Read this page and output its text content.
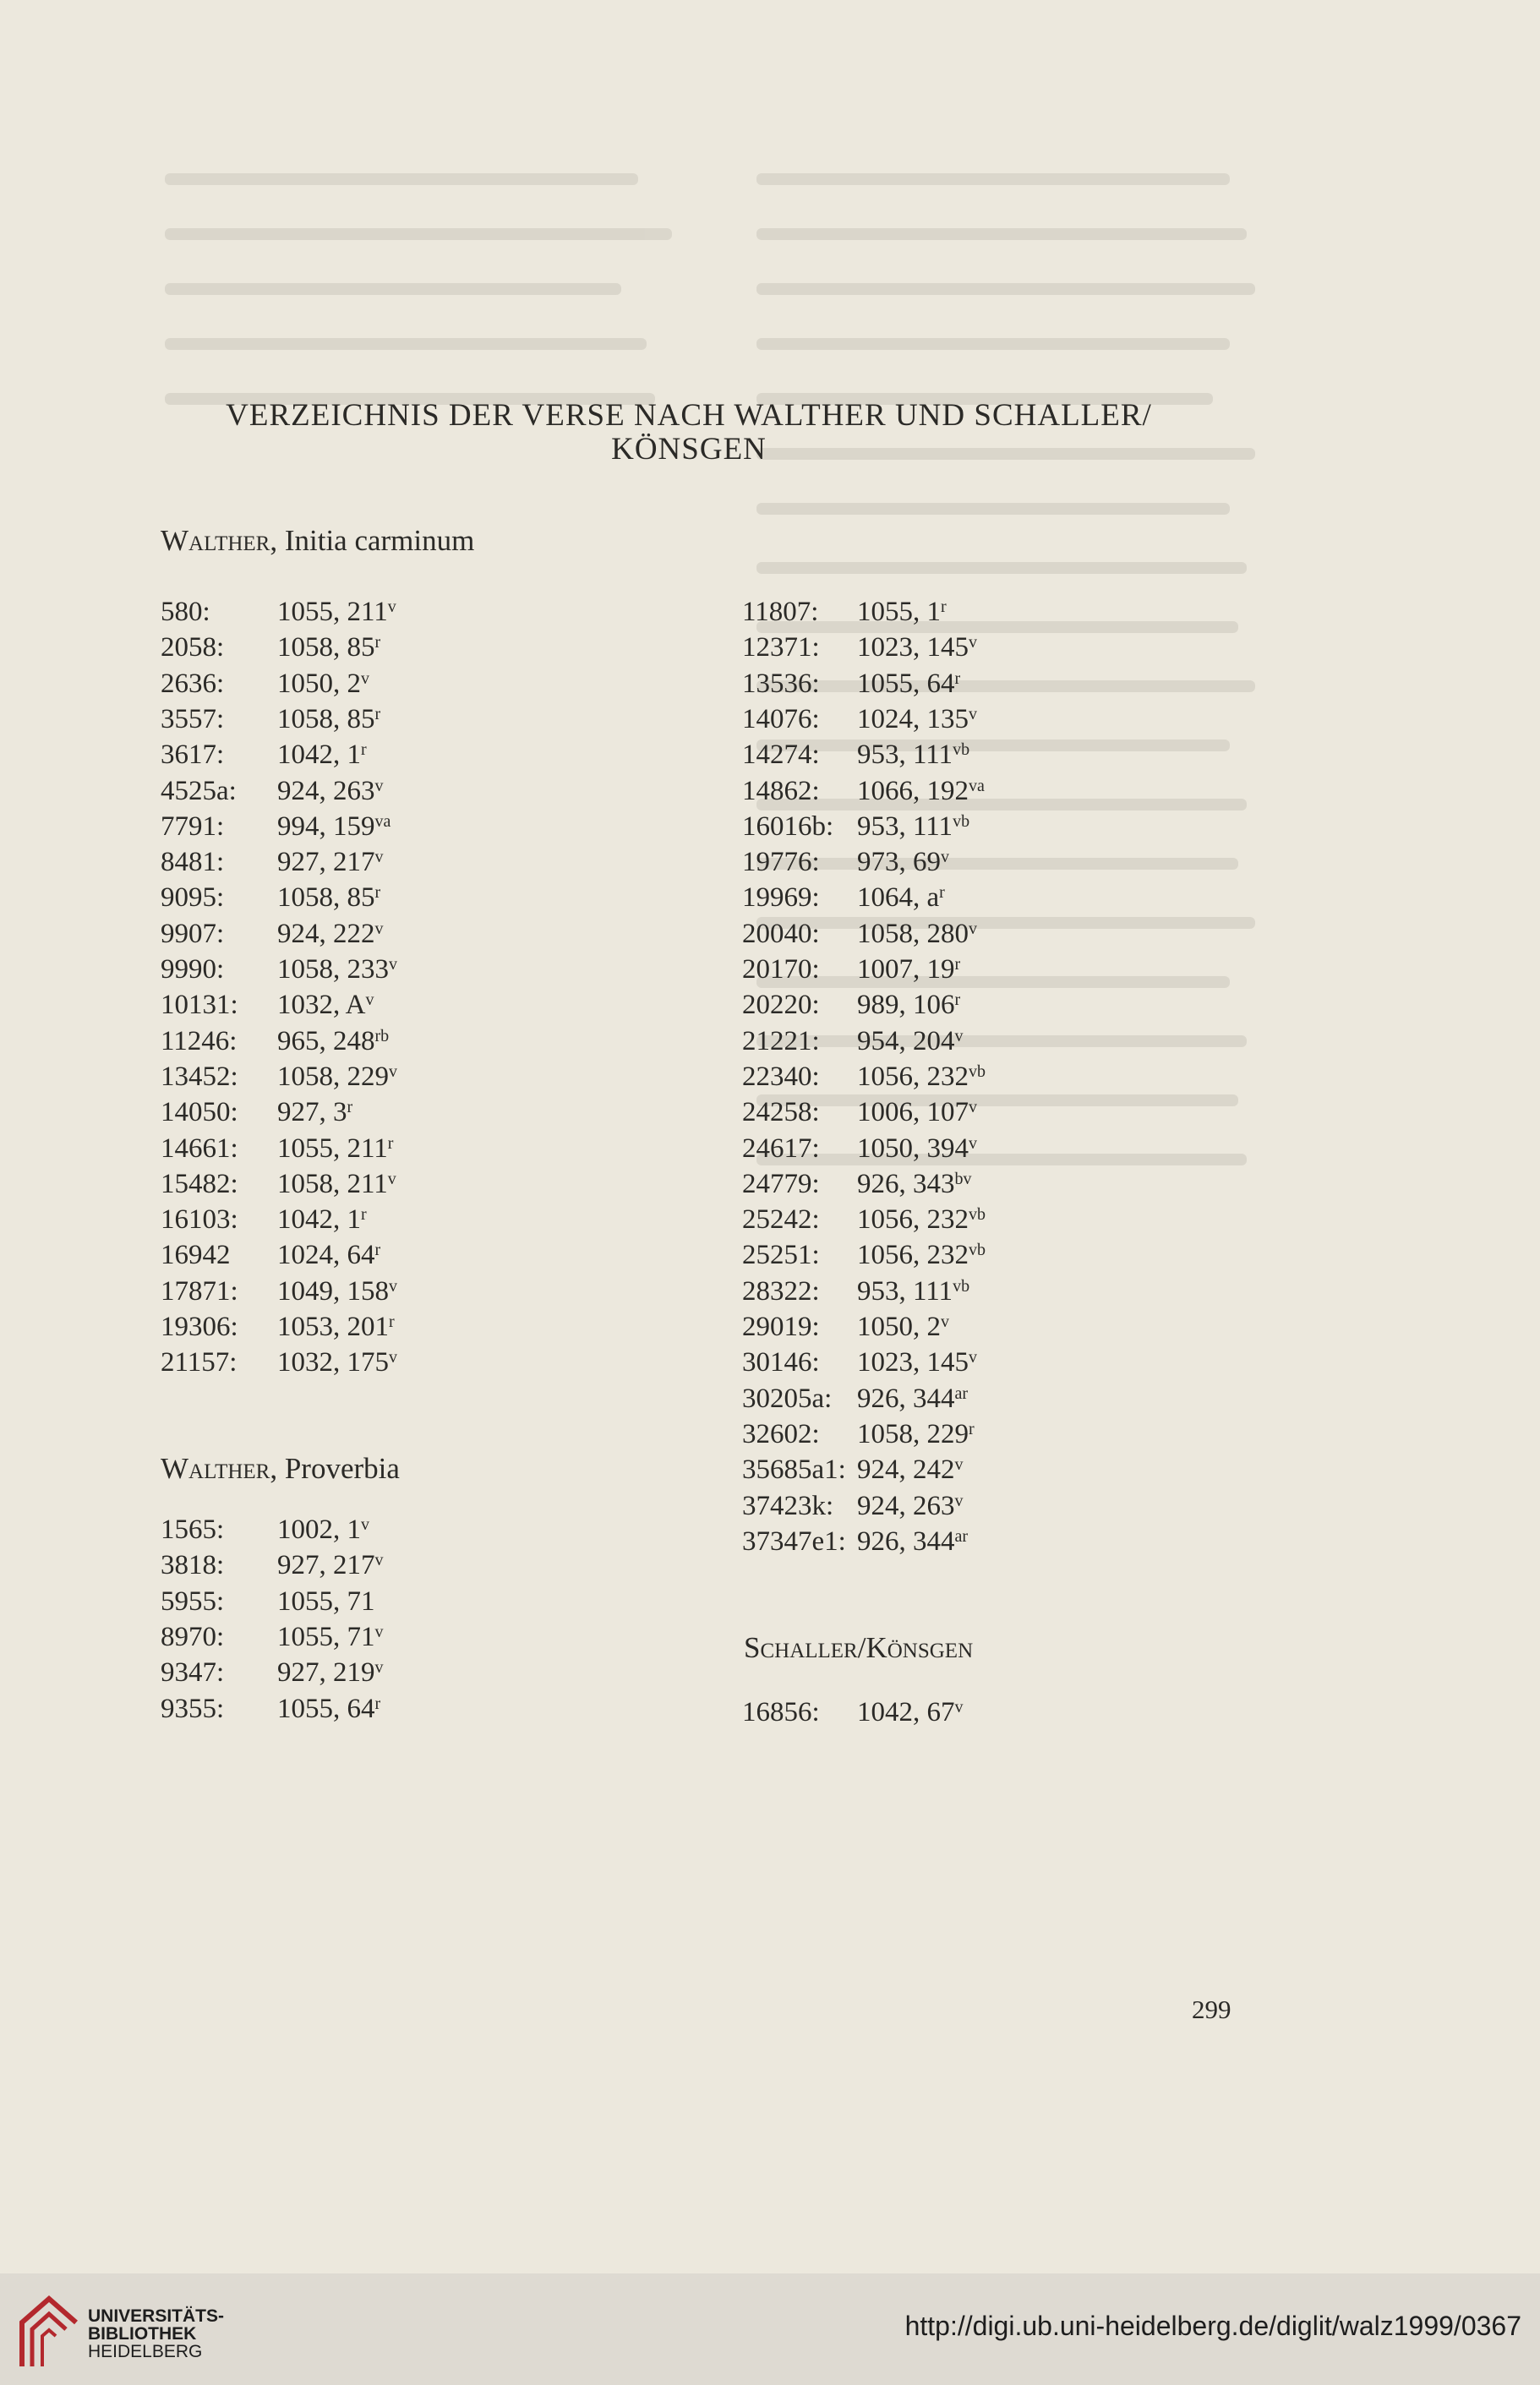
VERZEICHNIS DER VERSE NACH WALTHER UND SCHALLER/
KÖNSGEN
Walther, Initia carminum
580: 1055, 211$^v$
2058: 1058, 85$^r$
2636: 1050, 2$^v$
3557: 1058, 85$^r$
3617: 1042, 1$^r$
4525a: 924, 263$^v$
7791: 994, $159^{va}$
8481: 927, 217$^v$
9095: 1058, 85$^r$
9907: 924, 222$^v$
9990: 1058, 233$^v$
10131: 1032, $A^v$
11246: 965, $248^{rb}$
13452: 1058, 229$^v$
14050: 927, 3$^r$
14661: 1055, 211$^r$
15482: 1058, 211$^v$
16103: 1042, 1$^r$
16942 1024, 64$^r$
17871: 1049, 158$^v$
19306: 1053, 201$^r$
21157: 1032, 175$^v$
Walther, Proverbia
1565: 1002, 1$^v$
3818: 927, 217$^v$
5955: 1055, 71
8970: 1055, 71$^v$
9347: 927, 219$^v$
9355: 1055, 64$^r$
11807: 1055, 1$^r$
12371: 1023, 145$^v$
13536: 1055, 64$^r$
14076: 1024, 135$^v$
14274: 953, $111^{vb}$
14862: 1066, $192^{va}$
16016b: 953, $111^{vb}$
19776: 973, 69$^v$
19969: 1064, $a^r$
20040: 1058, 280$^v$
20170: 1007, 19$^r$
20220: 989, 106$^r$
21221: 954, 204$^v$
22340: 1056, $232^{vb}$
24258: 1006, 107$^v$
24617: 1050, 394$^v$
24779: 926, $343^{bv}$
25242: 1056, $232^{vb}$
25251: 1056, $232^{vb}$
28322: 953, $111^{vb}$
29019: 1050, 2$^v$
30146: 1023, 145$^v$
30205a: 926, $344^{ar}$
32602: 1058, 229$^r$
35685a1: 924, 242$^v$
37423k: 924, 263$^v$
37347e1: 926, $344^{ar}$
Schaller/Könsgen
16856: 1042, 67$^v$
299
UNIVERSITÄTS-
BIBLIOTHEK
HEIDELBERG
http://digi.ub.uni-heidelberg.de/diglit/walz1999/0367
